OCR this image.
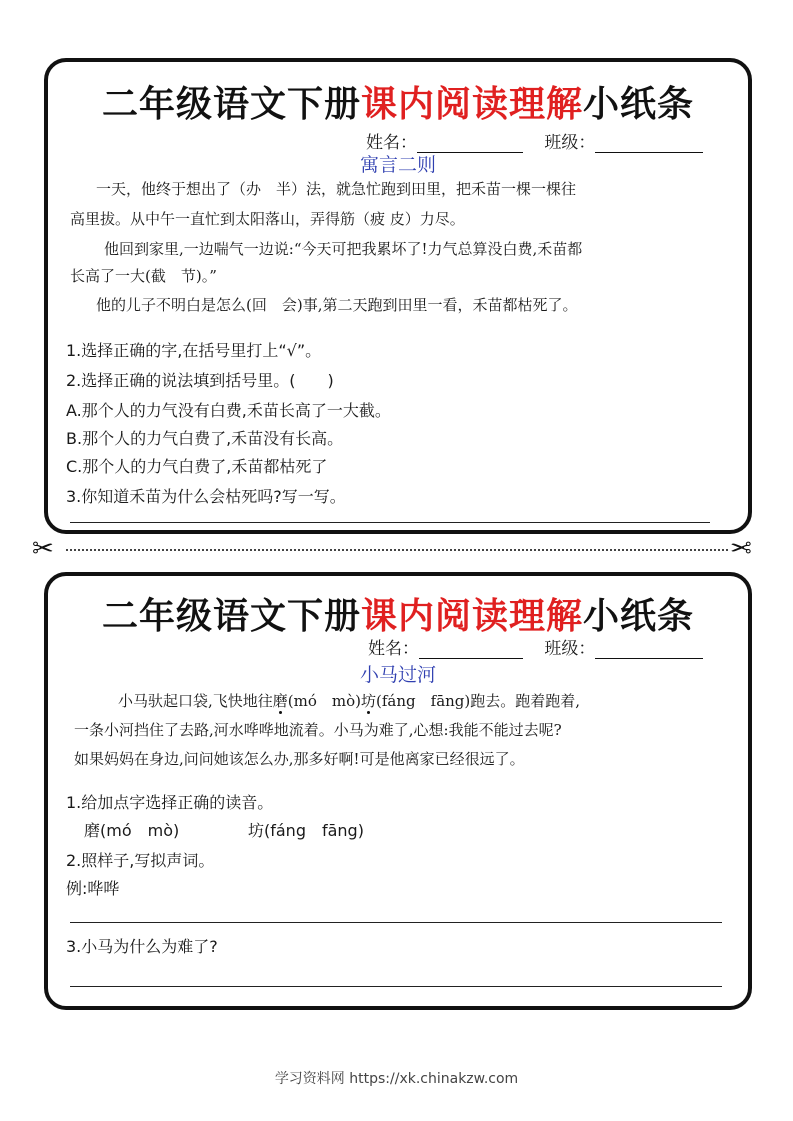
二年级语文下册课内阅读理解小纸条
姓名：	班级：
寓言二则
一天，他终于想出了（办　半）法，就急忙跑到田里，把禾苗一棵一棵往
高里拔。从中午一直忙到太阳落山，弄得筋（疲 皮）力尽。
他回到家里,一边喘气一边说:“今天可把我累坏了!力气总算没白费,禾苗都
长高了一大(截　节)。”
他的儿子不明白是怎么(回　会)事,第二天跑到田里一看，禾苗都枯死了。
1.选择正确的字,在括号里打上“√”。
2.选择正确的说法填到括号里。(　　)
A.那个人的力气没有白费,禾苗长高了一大截。
B.那个人的力气白费了,禾苗没有长高。
C.那个人的力气白费了,禾苗都枯死了
3.你知道禾苗为什么会枯死吗?写一写。
✂	✂
二年级语文下册课内阅读理解小纸条
姓名：	班级：
小马过河
小马驮起口袋,飞快地往磨(mó　mò)坊(fáng　fāng)跑去。跑着跑着,
一条小河挡住了去路,河水哗哗地流着。小马为难了,心想:我能不能过去呢?
如果妈妈在身边,问问她该怎么办,那多好啊!可是他离家已经很远了。
1.给加点字选择正确的读音。
磨(mó　mò)	坊(fáng　fāng)
2.照样子,写拟声词。
例:哗哗
3.小马为什么为难了?
学习资料网 https://xk.chinakzw.com
